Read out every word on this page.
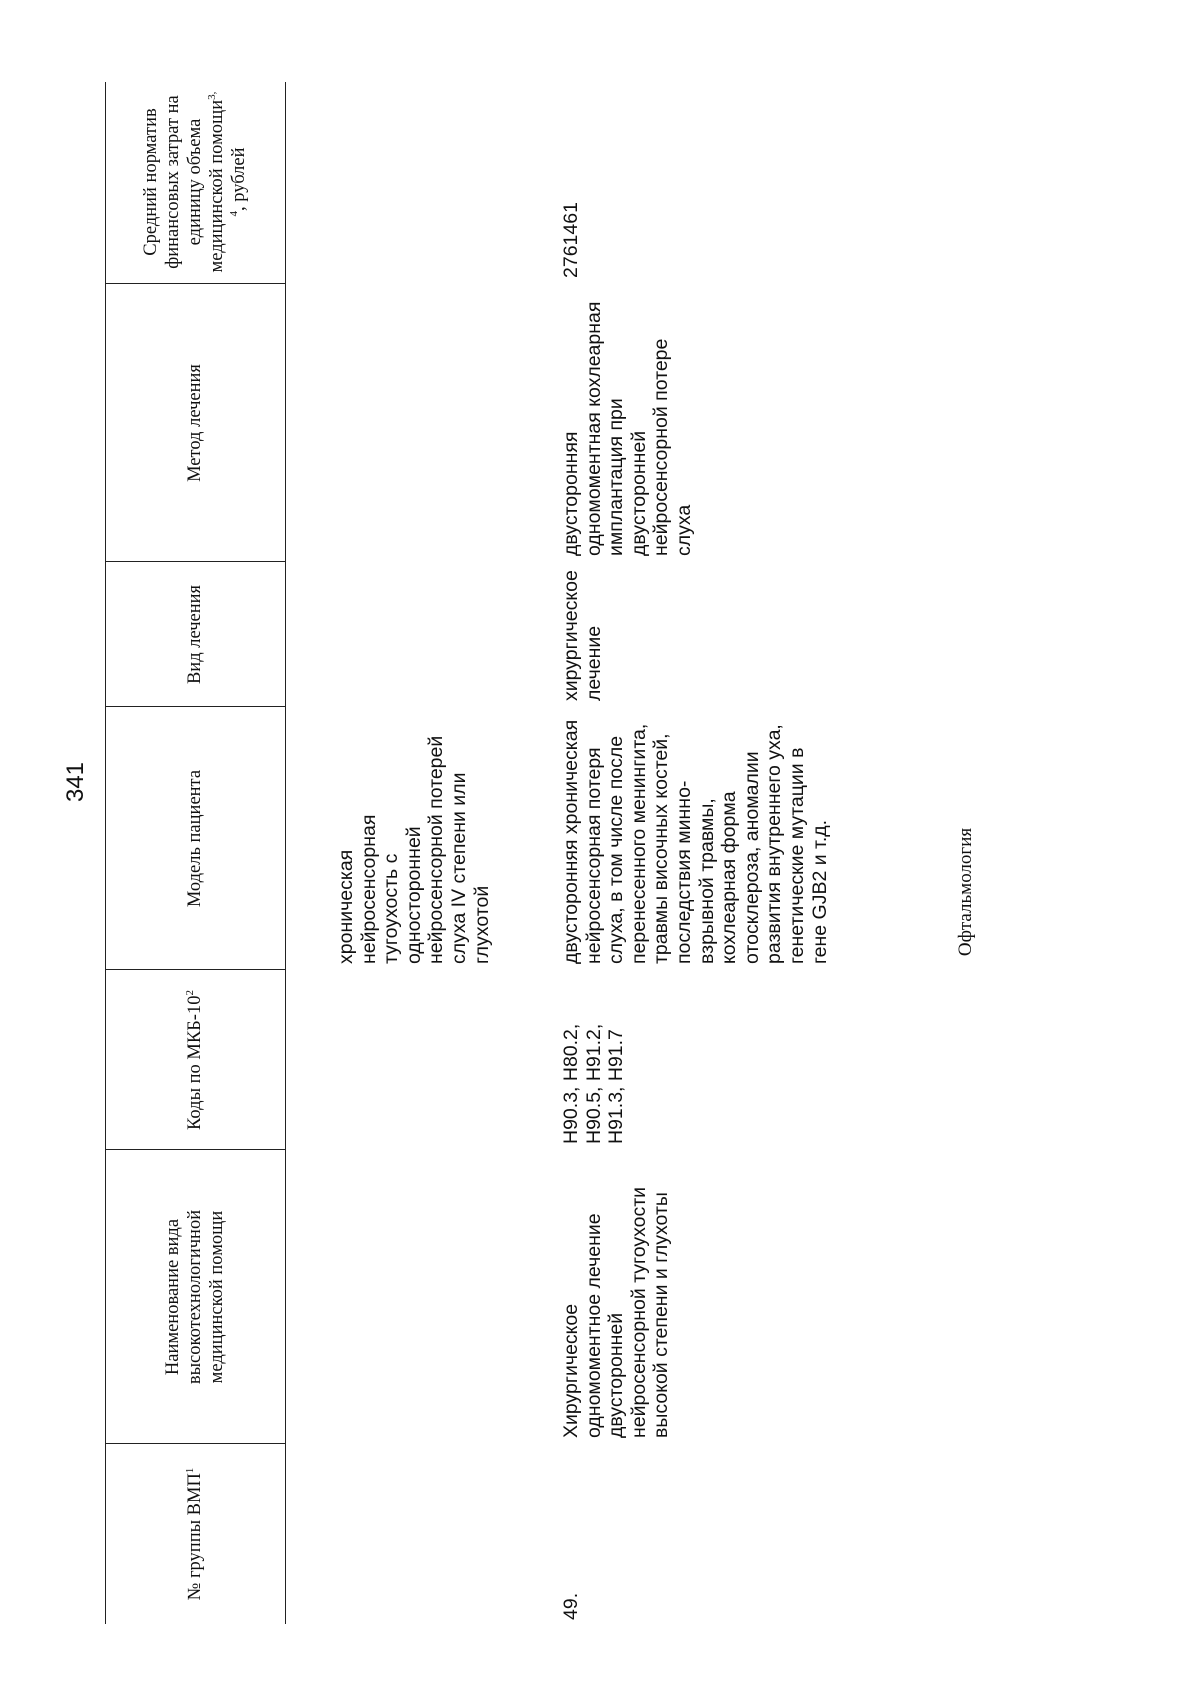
341
№ группы ВМП$^1$
Наименование вида высокотехнологичной медицинской помощи
Коды по МКБ-$10^2$
Модель пациента
Вид лечения
Метод лечения
Средний норматив финансовых затрат на единицу объема медицинской помощи$^{3, 4}$, рублей
хроническая нейросенсорная тугоухость с односторонней нейросенсорной потерей слуха IV степени или глухотой
49.
Хирургическое одномоментное лечение двусторонней нейросенсорной тугоухости высокой степени и глухоты
H90.3, H80.2, H90.5, H91.2, H91.3, H91.7
двусторонняя хроническая нейросенсорная потеря слуха, в том числе после перенесенного менингита, травмы височных костей, последствия минно-взрывной травмы, кохлеарная форма отосклероза, аномалии развития внутреннего уха, генетические мутации в гене GJB2 и т.д.
хирургическое лечение
двусторонняя одномоментная кохлеарная имплантация при двусторонней нейросенсорной потере слуха
2761461
Офтальмология
